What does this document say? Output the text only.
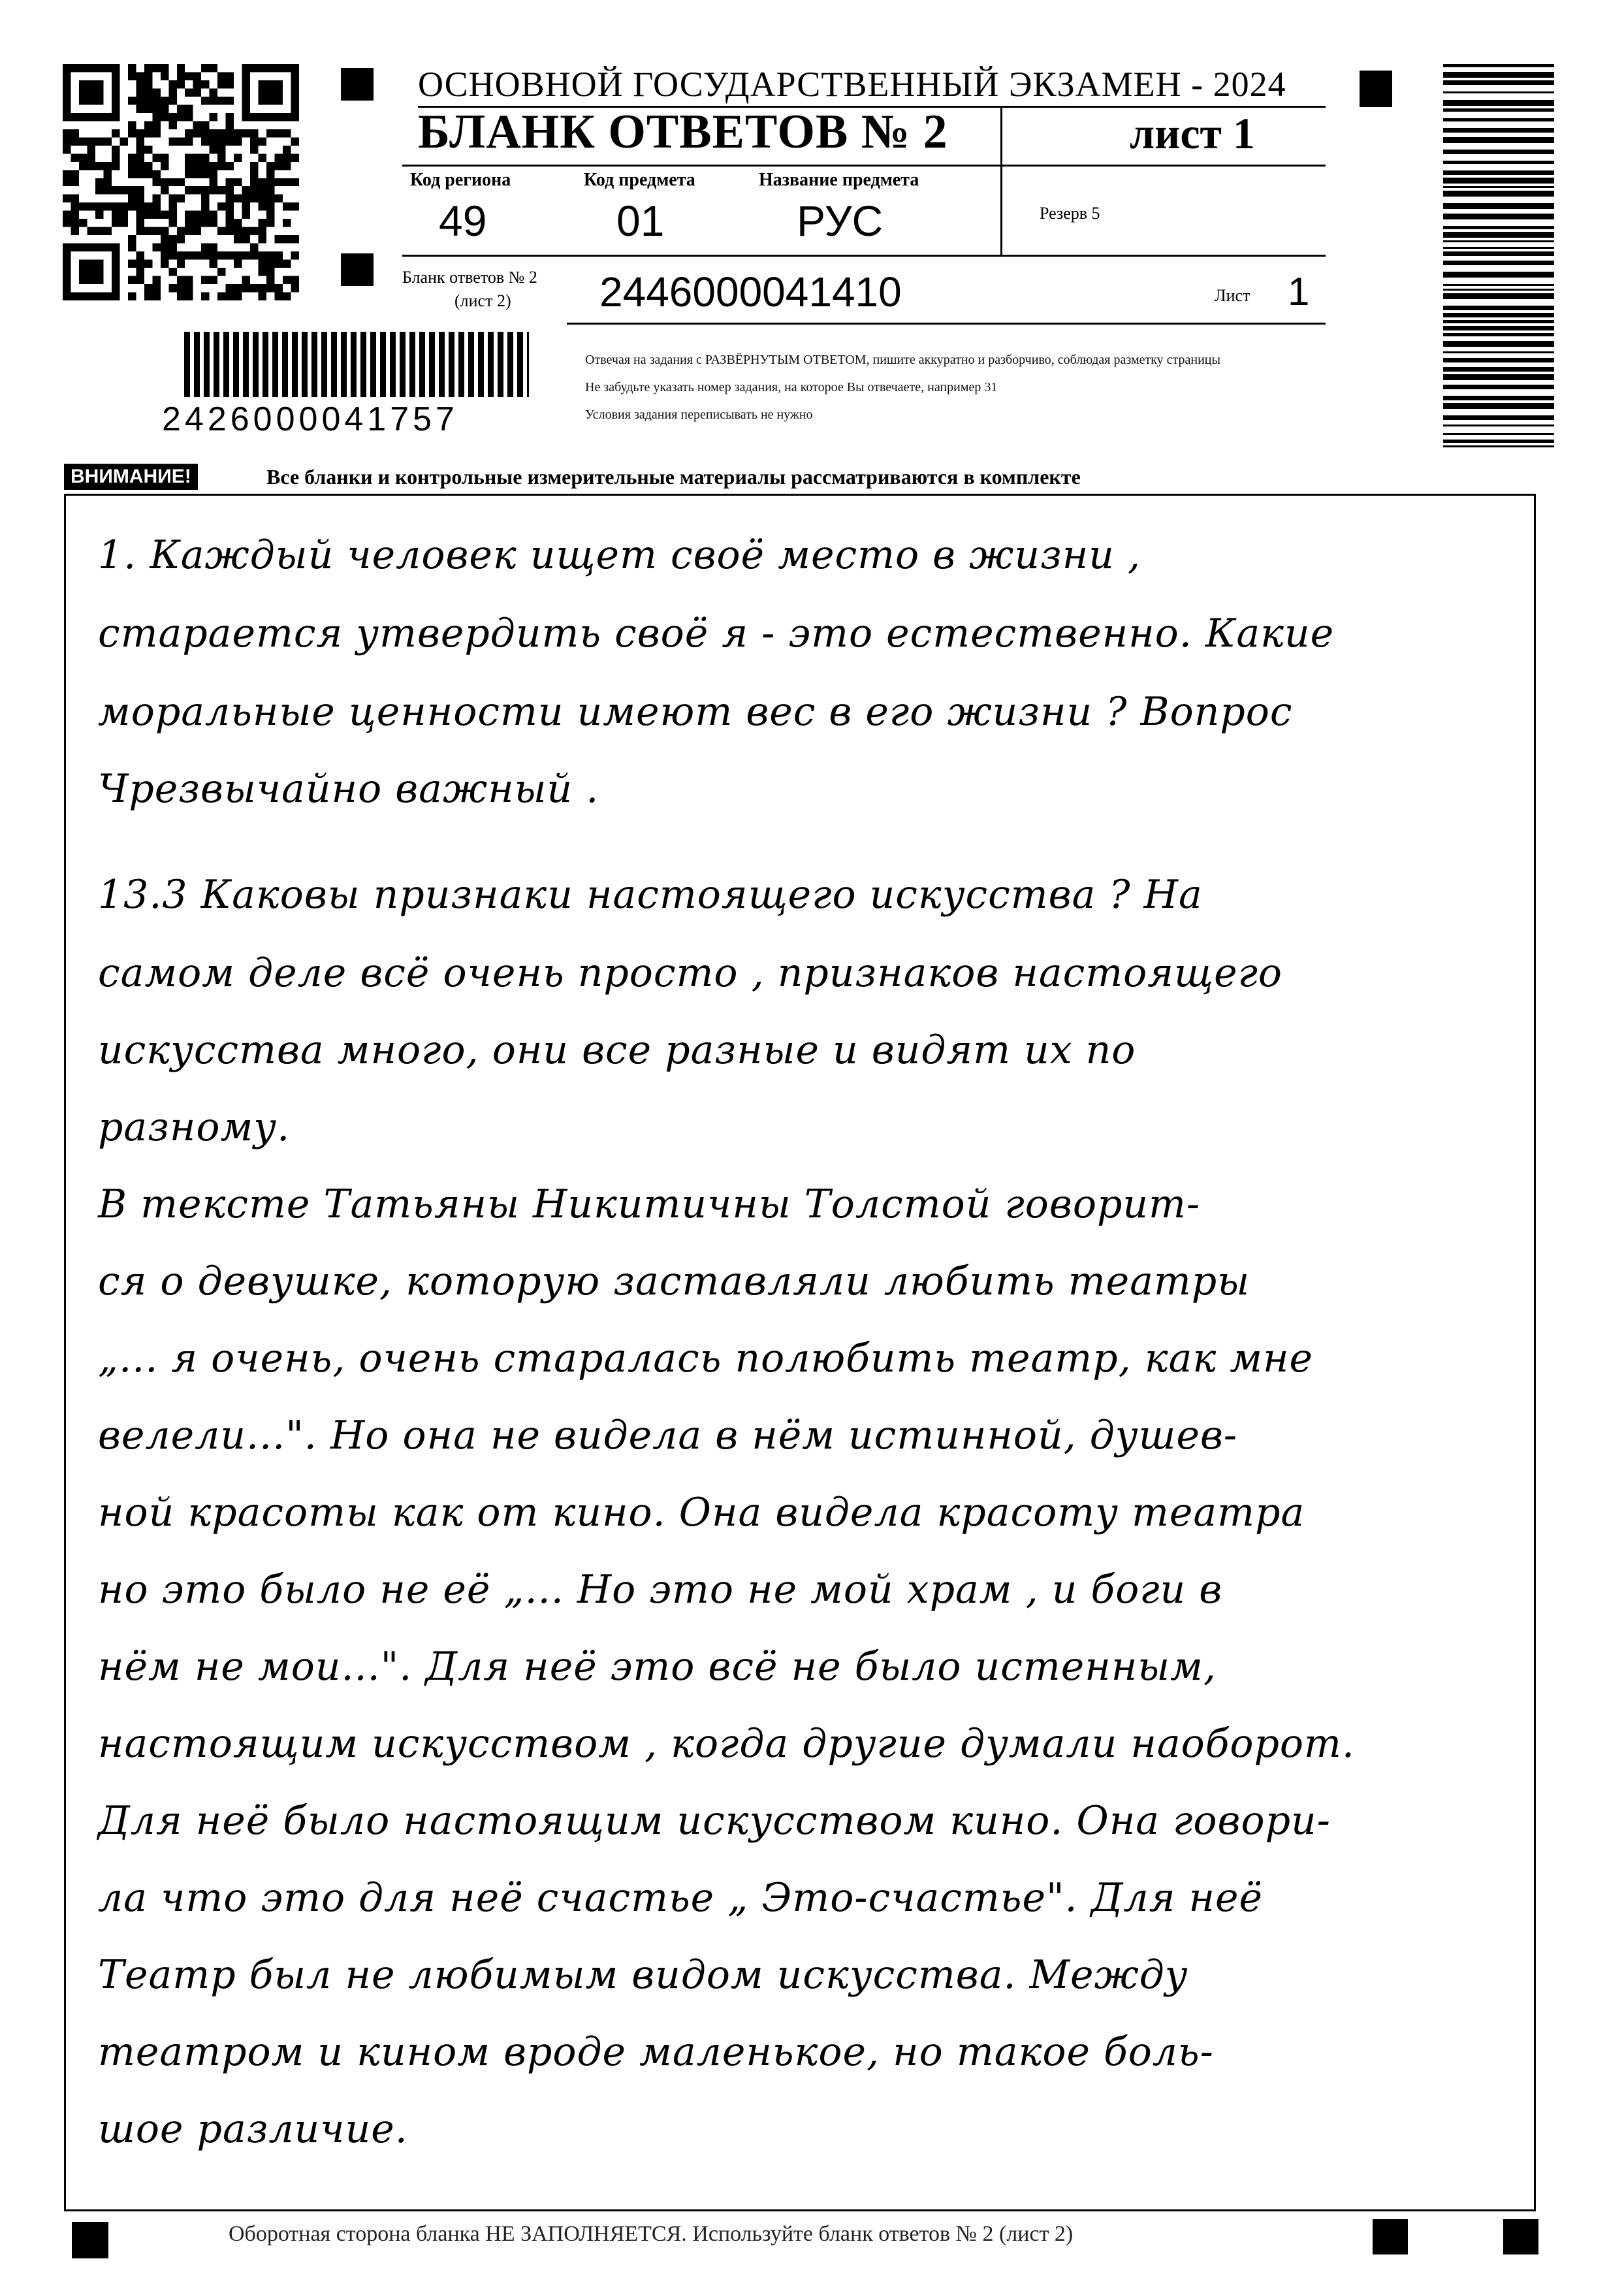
ОСНОВНОЙ ГОСУДАРСТВЕННЫЙ ЭКЗАМЕН - 2024
БЛАНК ОТВЕТОВ № 2	лист 1
Код региона
49
Код предмета
01
Название предмета
РУС	Резерв 5
Бланк ответов № 2
(лист 2) 2446000041410	Лист 1
Отвечая на задания с РАЗВЁРНУТЫМ ОТВЕТОМ, пишите аккуратно и разборчиво, соблюдая разметку страницы
Не забудьте указать номер задания, на которое Вы отвечаете, например 31
Условия задания переписывать не нужно
2426000041757
ВНИМАНИЕ!	Все бланки и контрольные измерительные материалы рассматриваются в комплекте
1. Каждый человек ищет своё место в жизни ,
старается утвердить своё я - это естественно. Какие
моральные ценности имеют вес в его жизни ? Вопрос
Чрезвычайно важный .
13.3 Каковы признаки настоящего искусства ? На
самом деле всё очень просто , признаков настоящего
искусства много, они все разные и видят их по
разному.
В тексте Татьяны Никитичны Толстой говорит-
ся о девушке, которую заставляли любить театры
„... я очень, очень старалась полюбить театр, как мне
велели...". Но она не видела в нём истинной, душев-
ной красоты как от кино. Она видела красоту театра
но это было не её „... Но это не мой храм , и боги в
нём не мои...". Для неё это всё не было истенным,
настоящим искусством , когда другие думали наоборот.
Для неё было настоящим искусством кино. Она говори-
ла что это для неё счастье „ Это-счастье". Для неё
Театр был не любимым видом искусства. Между
театром и кином вроде маленькое, но такое боль-
шое различие.
Оборотная сторона бланка НЕ ЗАПОЛНЯЕТСЯ. Используйте бланк ответов № 2 (лист 2)
